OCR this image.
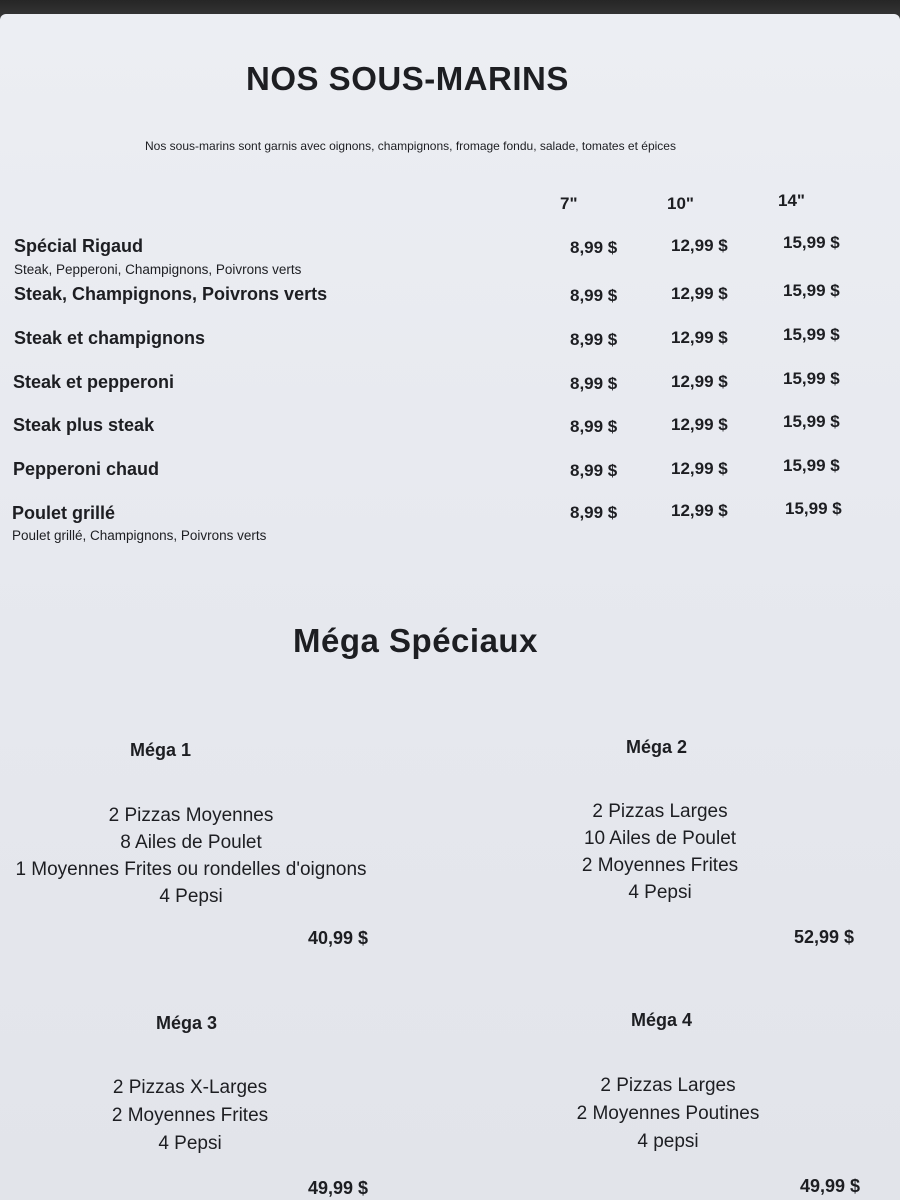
NOS SOUS-MARINS
Nos sous-marins sont garnis avec oignons, champignons, fromage fondu, salade, tomates et épices
7"	10"	14"
Spécial Rigaud
Steak, Pepperoni, Champignons, Poivrons verts
8,99 $	12,99 $	15,99 $
Steak, Champignons, Poivrons verts	8,99 $	12,99 $	15,99 $
Steak et champignons	8,99 $	12,99 $	15,99 $
Steak et pepperoni	8,99 $	12,99 $	15,99 $
Steak plus steak	8,99 $	12,99 $	15,99 $
Pepperoni chaud	8,99 $	12,99 $	15,99 $
Poulet grillé
Poulet grillé, Champignons, Poivrons verts
8,99 $	12,99 $	15,99 $
Méga Spéciaux
Méga 1
2 Pizzas Moyennes
8 Ailes de Poulet
1 Moyennes Frites ou rondelles d'oignons
4 Pepsi
40,99 $
Méga 2
2 Pizzas Larges
10 Ailes de Poulet
2 Moyennes Frites
4 Pepsi
52,99 $
Méga 3
2 Pizzas X-Larges
2 Moyennes Frites
4 Pepsi
49,99 $
Méga 4
2 Pizzas Larges
2 Moyennes Poutines
4 pepsi
49,99 $
